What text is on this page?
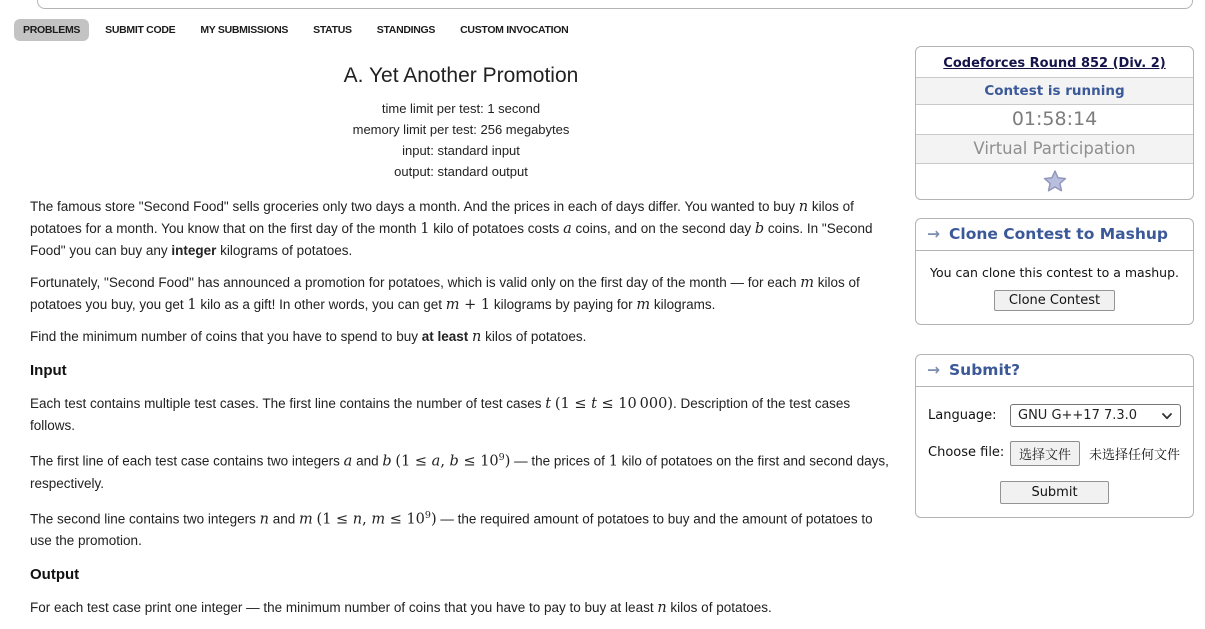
PROBLEMS	SUBMIT CODE	MY SUBMISSIONS	STATUS	STANDINGS	CUSTOM INVOCATION
A. Yet Another Promotion
time limit per test: 1 second
memory limit per test: 256 megabytes
input: standard input
output: standard output

The famous store "Second Food" sells groceries only two days a month. And the prices in each of days differ. You wanted to buy n kilos of potatoes for a month. You know that on the first day of the month 1 kilo of potatoes costs a coins, and on the second day b coins. In "Second Food" you can buy any integer kilograms of potatoes.

Fortunately, "Second Food" has announced a promotion for potatoes, which is valid only on the first day of the month — for each m kilos of potatoes you buy, you get 1 kilo as a gift! In other words, you can get m + 1 kilograms by paying for m kilograms.

Find the minimum number of coins that you have to spend to buy at least n kilos of potatoes.

Input

Each test contains multiple test cases. The first line contains the number of test cases t (1 ≤ t ≤ 10 000). Description of the test cases follows.

The first line of each test case contains two integers a and b (1 ≤ a, $b \le 10^9$) — the prices of 1 kilo of potatoes on the first and second days, respectively.

The second line contains two integers n and m (1 ≤ n, $m \le 10^9$) — the required amount of potatoes to buy and the amount of potatoes to use the promotion.

Output

For each test case print one integer — the minimum number of coins that you have to pay to buy at least n kilos of potatoes.

Codeforces Round 852 (Div. 2)
Contest is running
01:58:14
Virtual Participation
→ Clone Contest to Mashup
You can clone this contest to a mashup.
Clone Contest
→ Submit?
Language:	GNU G++17 7.3.0
Choose file:	选择文件	未选择任何文件
Submit
